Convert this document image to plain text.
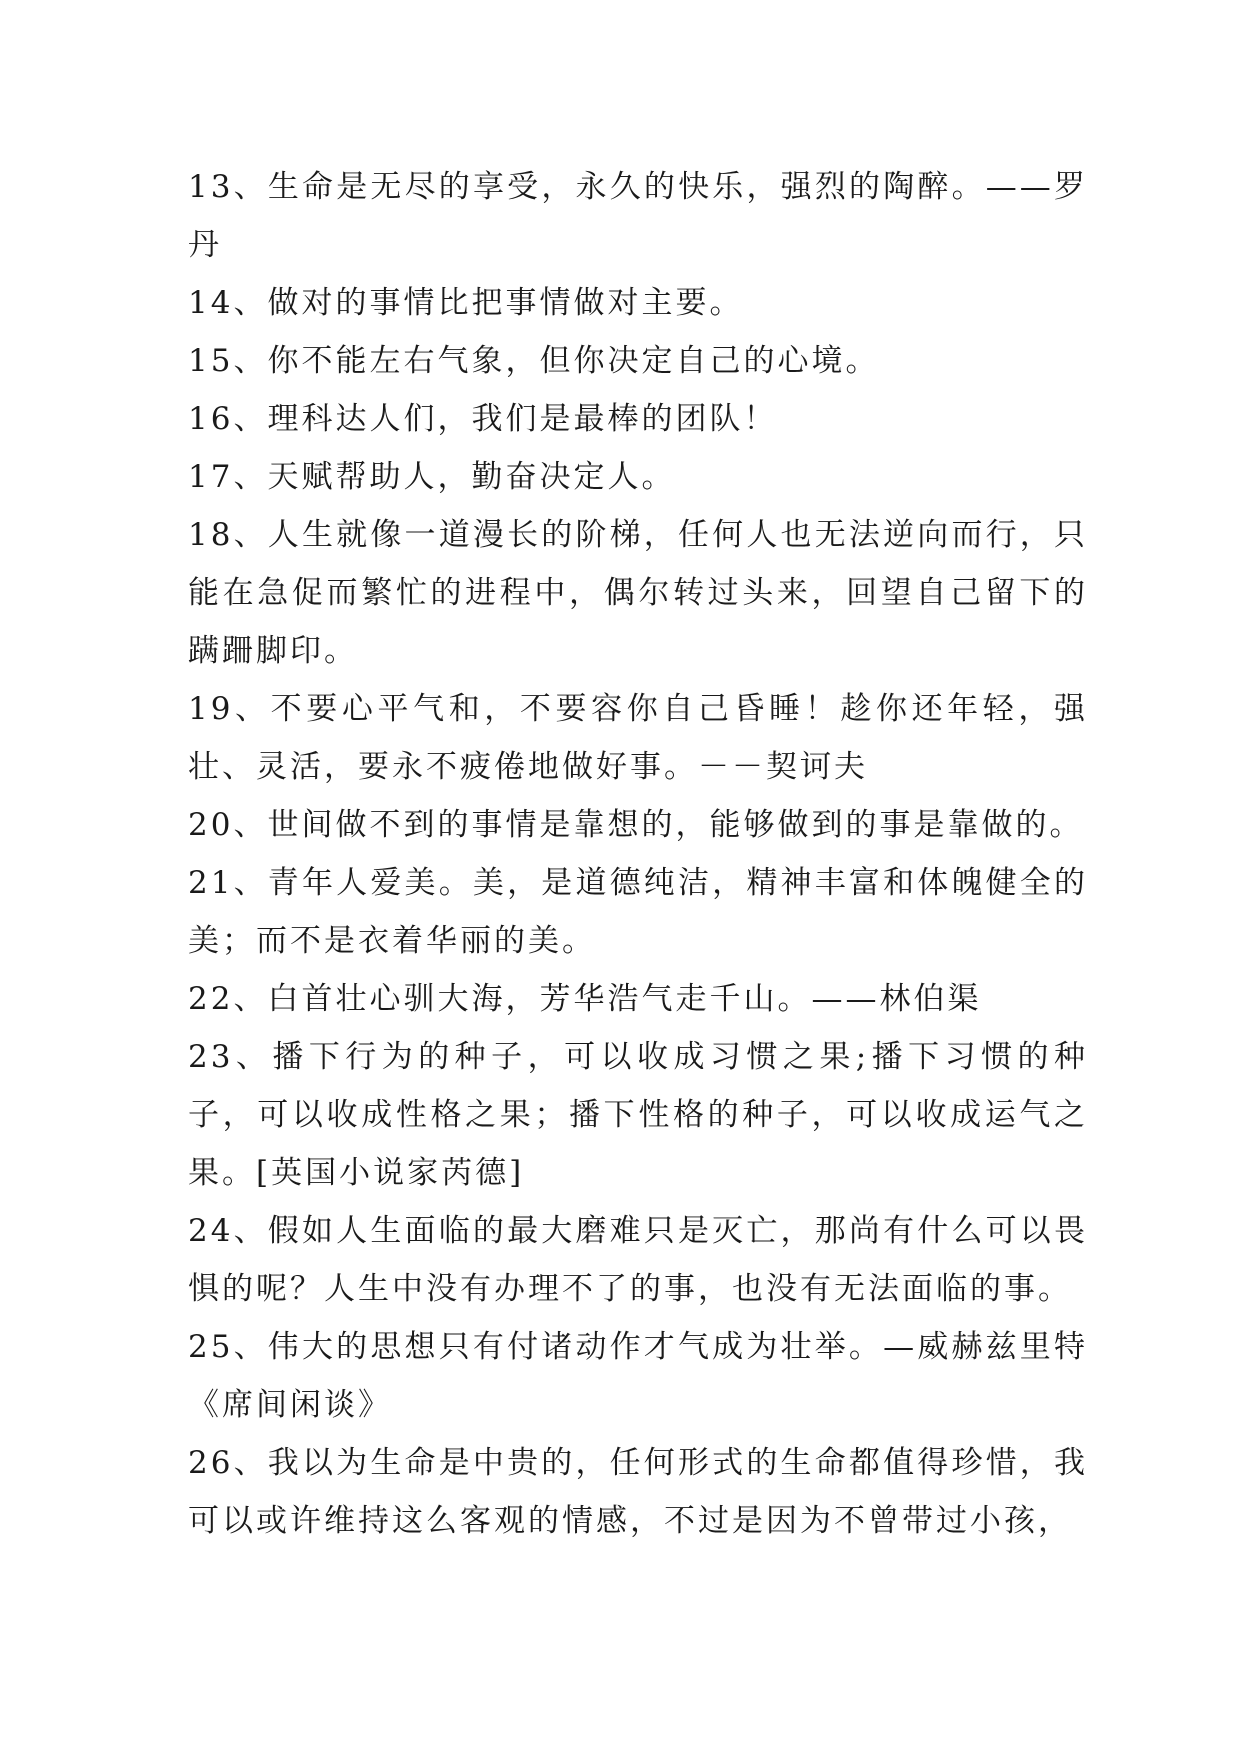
13、生命是无尽的享受，永久的快乐，强烈的陶醉。——罗丹

14、做对的事情比把事情做对主要。

15、你不能左右气象，但你决定自己的心境。

16、理科达人们，我们是最棒的团队！

17、天赋帮助人，勤奋决定人。

18、人生就像一道漫长的阶梯，任何人也无法逆向而行，只能在急促而繁忙的进程中，偶尔转过头来，回望自己留下的蹒跚脚印。

19、不要心平气和，不要容你自己昏睡！趁你还年轻，强壮、灵活，要永不疲倦地做好事。－－契诃夫

20、世间做不到的事情是靠想的，能够做到的事是靠做的。

21、青年人爱美。美，是道德纯洁，精神丰富和体魄健全的美；而不是衣着华丽的美。

22、白首壮心驯大海，芳华浩气走千山。——林伯渠

23、播下行为的种子，可以收成习惯之果;播下习惯的种子，可以收成性格之果；播下性格的种子，可以收成运气之果。[英国小说家芮德]

24、假如人生面临的最大磨难只是灭亡，那尚有什么可以畏惧的呢？人生中没有办理不了的事，也没有无法面临的事。

25、伟大的思想只有付诸动作才气成为壮举。—威赫兹里特《席间闲谈》

26、我以为生命是中贵的，任何形式的生命都值得珍惜，我可以或许维持这么客观的情感，不过是因为不曾带过小孩，
